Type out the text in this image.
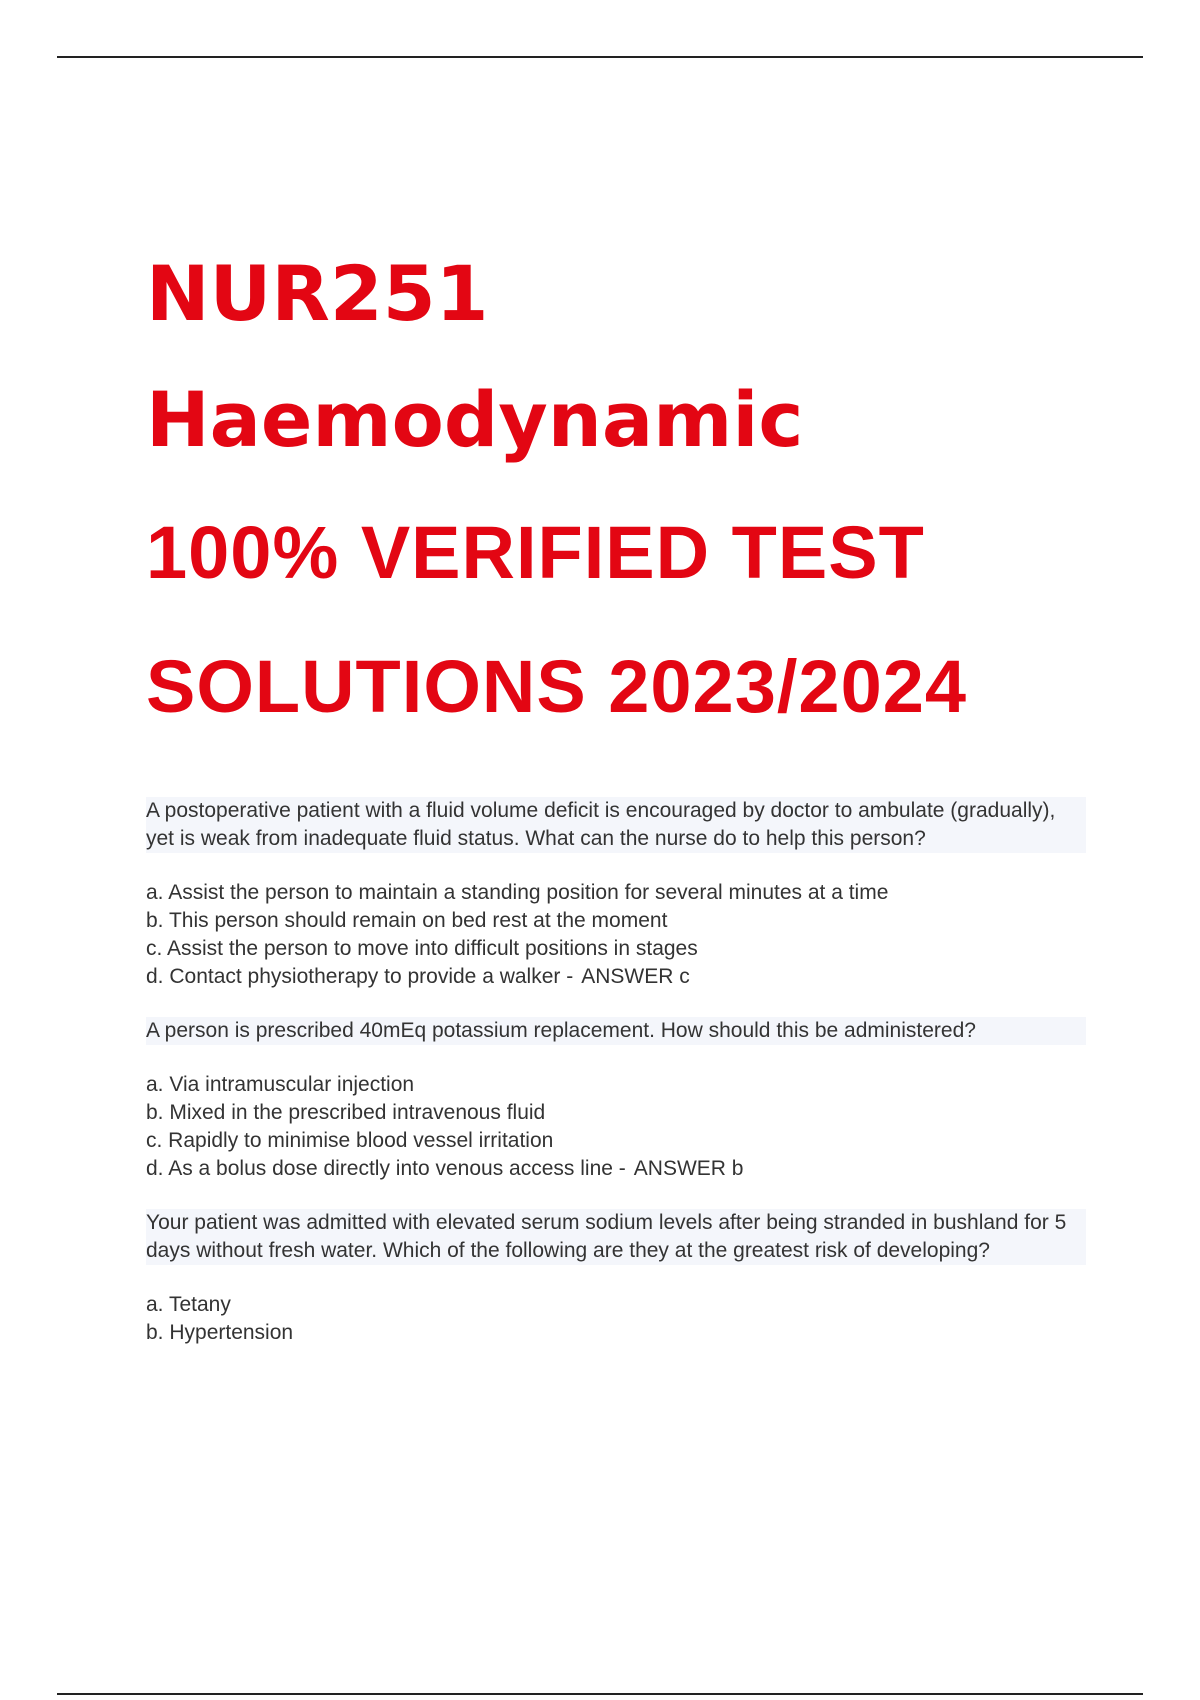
NUR251
Haemodynamic
100% VERIFIED TEST
SOLUTIONS 2023/2024

A postoperative patient with a fluid volume deficit is encouraged by doctor to ambulate (gradually), yet is weak from inadequate fluid status. What can the nurse do to help this person?

a. Assist the person to maintain a standing position for several minutes at a time
b. This person should remain on bed rest at the moment
c. Assist the person to move into difficult positions in stages
d. Contact physiotherapy to provide a walker - ANSWER c

A person is prescribed 40mEq potassium replacement. How should this be administered?

a. Via intramuscular injection
b. Mixed in the prescribed intravenous fluid
c. Rapidly to minimise blood vessel irritation
d. As a bolus dose directly into venous access line - ANSWER b

Your patient was admitted with elevated serum sodium levels after being stranded in bushland for 5 days without fresh water. Which of the following are they at the greatest risk of developing?

a. Tetany
b. Hypertension
